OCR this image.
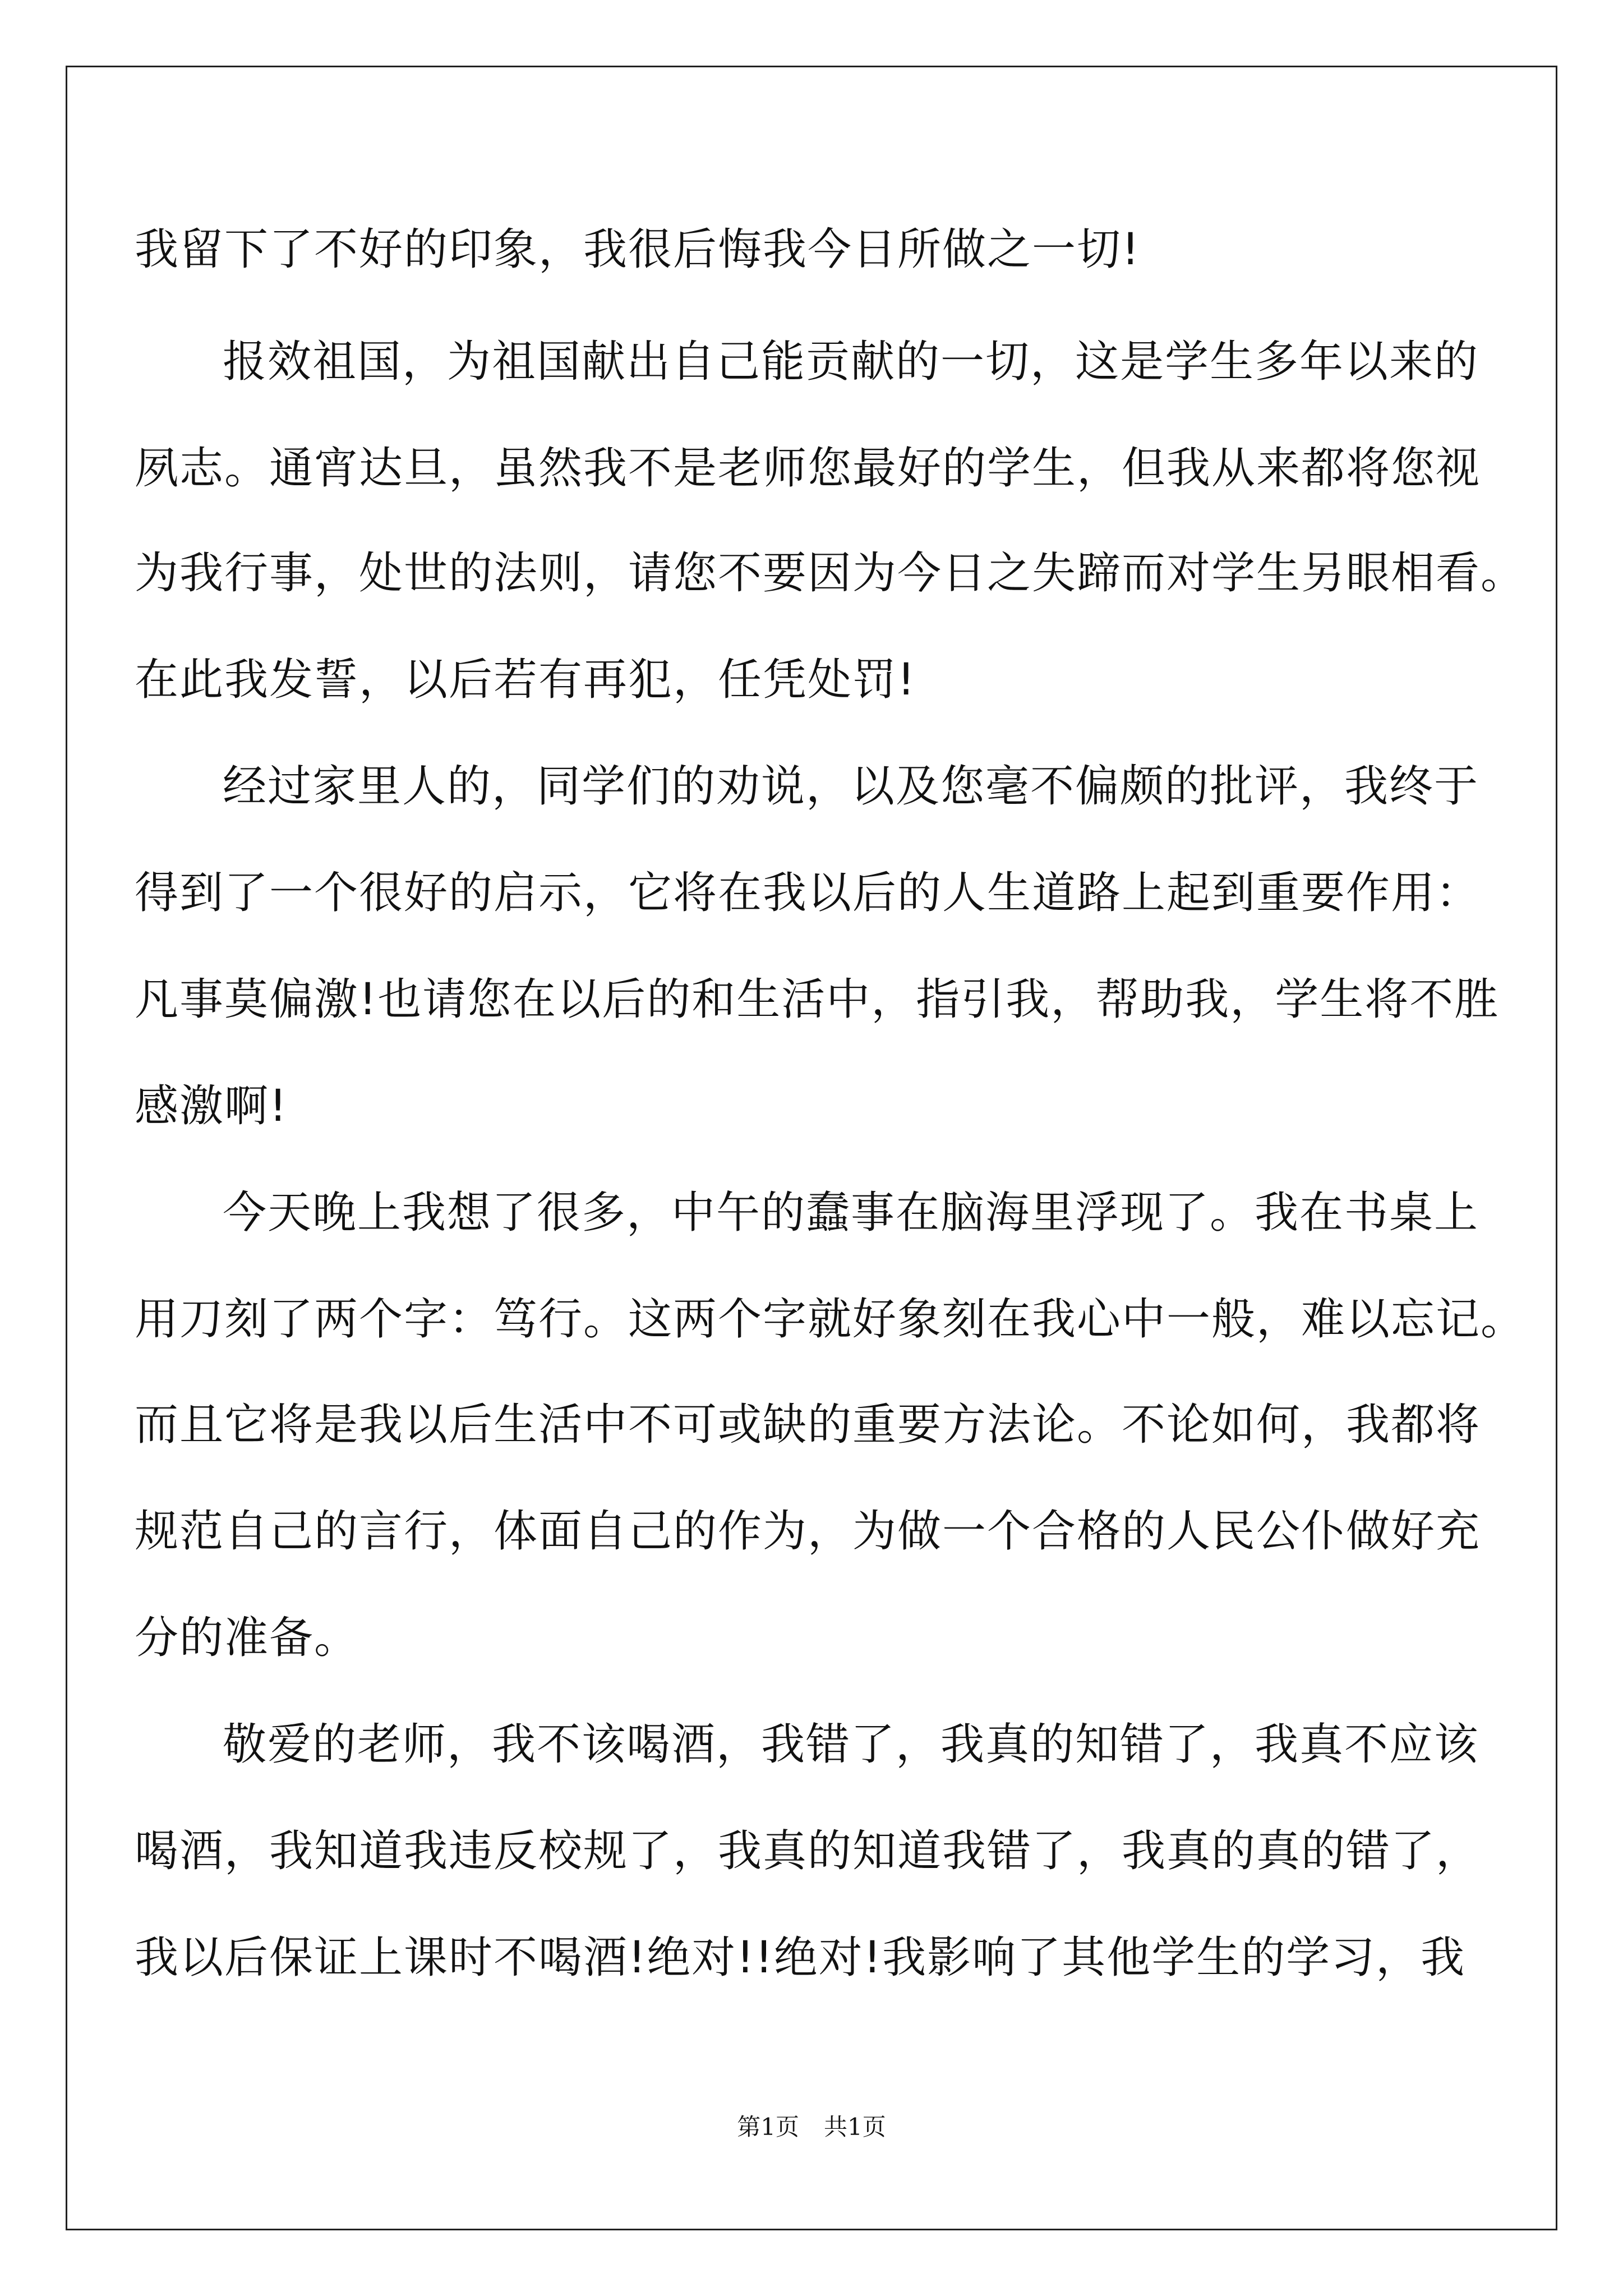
我留下了不好的印象，我很后悔我今日所做之一切!
报效祖国，为祖国献出自己能贡献的一切，这是学生多年以来的
夙志。通宵达旦，虽然我不是老师您最好的学生，但我从来都将您视
为我行事，处世的法则，请您不要因为今日之失蹄而对学生另眼相看。
在此我发誓，以后若有再犯，任凭处罚!
经过家里人的，同学们的劝说，以及您毫不偏颇的批评，我终于
得到了一个很好的启示，它将在我以后的人生道路上起到重要作用：
凡事莫偏激!也请您在以后的和生活中，指引我，帮助我，学生将不胜
感激啊!
今天晚上我想了很多，中午的蠢事在脑海里浮现了。我在书桌上
用刀刻了两个字：笃行。这两个字就好象刻在我心中一般，难以忘记。
而且它将是我以后生活中不可或缺的重要方法论。不论如何，我都将
规范自己的言行，体面自己的作为，为做一个合格的人民公仆做好充
分的准备。
敬爱的老师，我不该喝酒，我错了，我真的知错了，我真不应该
喝酒，我知道我违反校规了，我真的知道我错了，我真的真的错了，
我以后保证上课时不喝酒!绝对!!绝对!我影响了其他学生的学习，我
第1页 共1页
